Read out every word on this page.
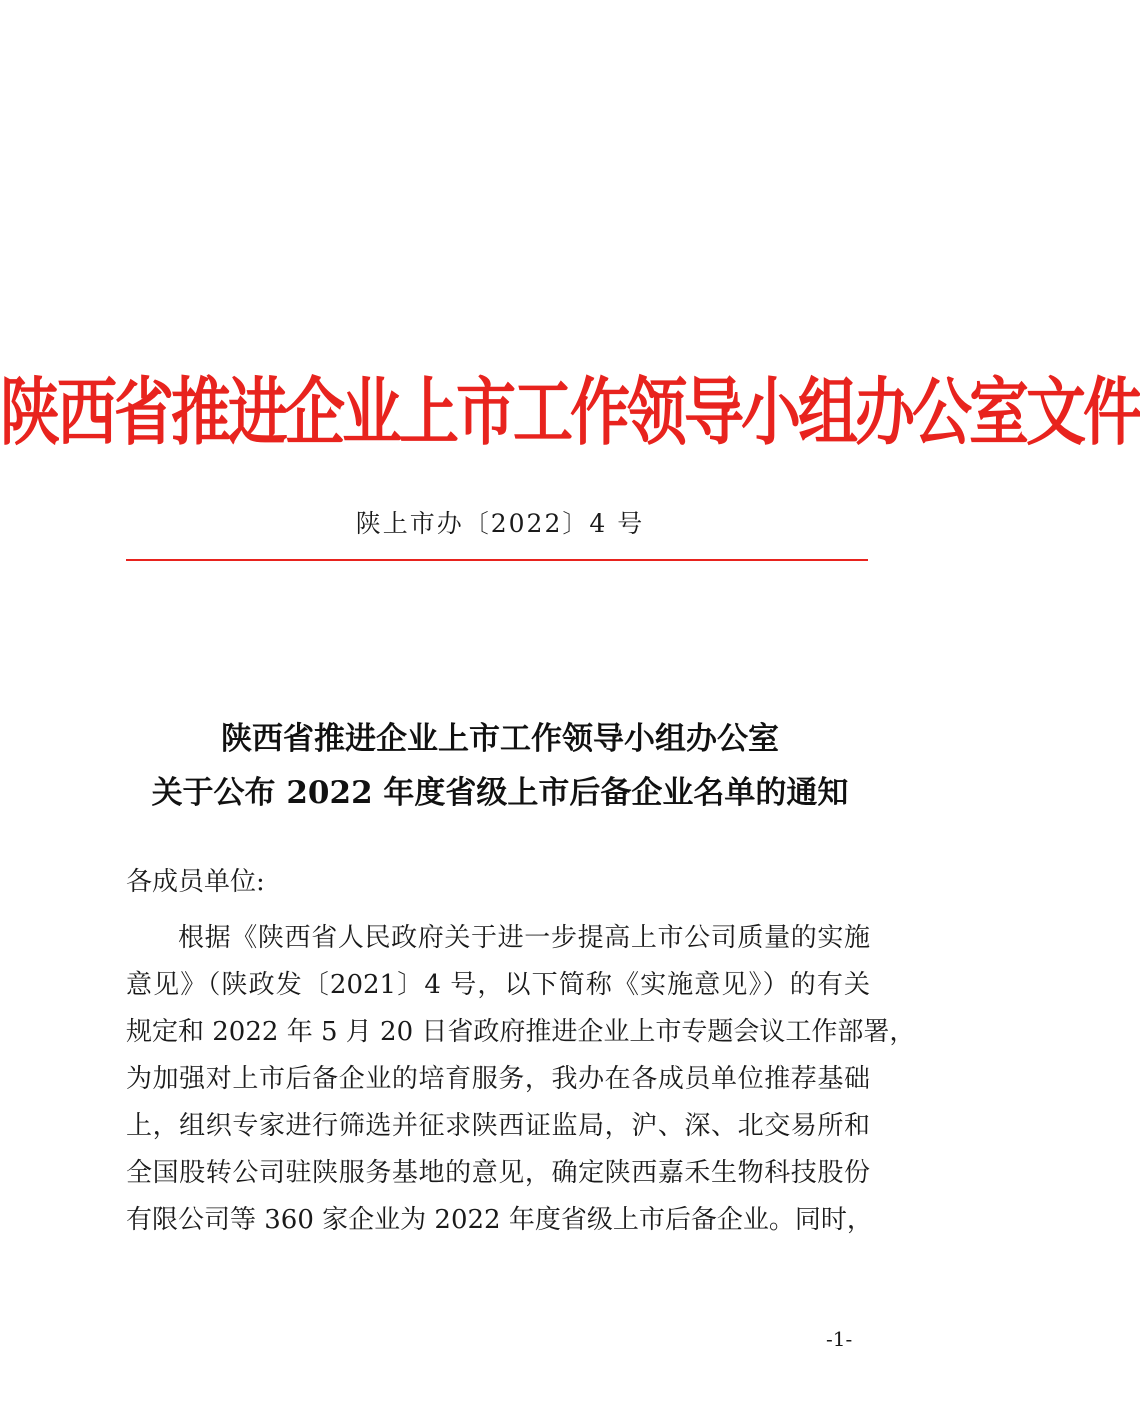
陕西省推进企业上市工作领导小组办公室文件
陕上市办〔2022〕4 号
陕西省推进企业上市工作领导小组办公室
关于公布 2022 年度省级上市后备企业名单的通知
各成员单位:
根据《陕西省人民政府关于进一步提高上市公司质量的实施
意见》（陕政发〔2021〕4 号，以下简称《实施意见》）的有关
规定和 2022 年 5 月 20 日省政府推进企业上市专题会议工作部署，
为加强对上市后备企业的培育服务，我办在各成员单位推荐基础
上，组织专家进行筛选并征求陕西证监局，沪、深、北交易所和
全国股转公司驻陕服务基地的意见，确定陕西嘉禾生物科技股份
有限公司等 360 家企业为 2022 年度省级上市后备企业。同时，
-1-
